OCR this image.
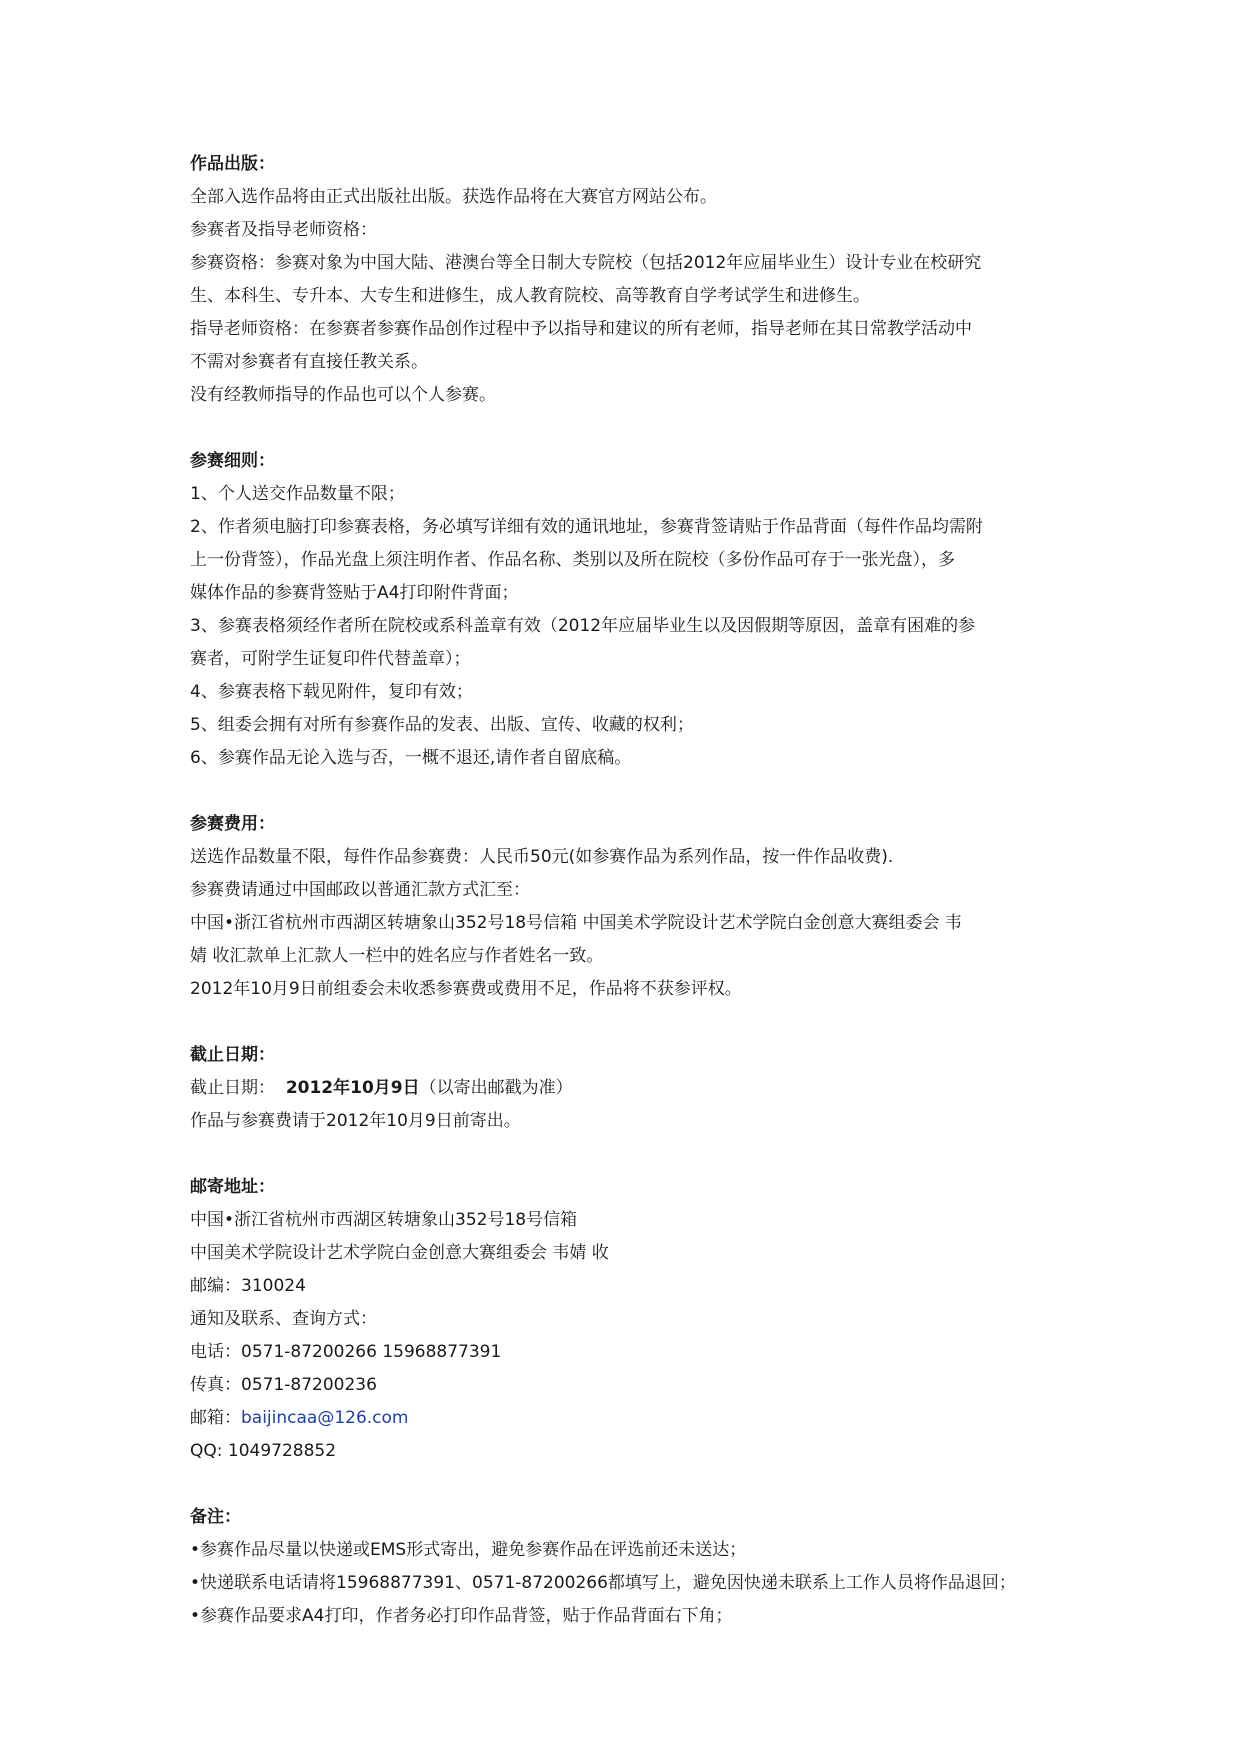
作品出版：
全部入选作品将由正式出版社出版。获选作品将在大赛官方网站公布。
参赛者及指导老师资格：
参赛资格：参赛对象为中国大陆、港澳台等全日制大专院校（包括2012年应届毕业生）设计专业在校研究
生、本科生、专升本、大专生和进修生，成人教育院校、高等教育自学考试学生和进修生。
指导老师资格：在参赛者参赛作品创作过程中予以指导和建议的所有老师，指导老师在其日常教学活动中
不需对参赛者有直接任教关系。
没有经教师指导的作品也可以个人参赛。
参赛细则：
1、个人送交作品数量不限；
2、作者须电脑打印参赛表格，务必填写详细有效的通讯地址，参赛背签请贴于作品背面（每件作品均需附
上一份背签），作品光盘上须注明作者、作品名称、类别以及所在院校（多份作品可存于一张光盘），多
媒体作品的参赛背签贴于A4打印附件背面；
3、参赛表格须经作者所在院校或系科盖章有效（2012年应届毕业生以及因假期等原因，盖章有困难的参
赛者，可附学生证复印件代替盖章）；
4、参赛表格下载见附件，复印有效；
5、组委会拥有对所有参赛作品的发表、出版、宣传、收藏的权利；
6、参赛作品无论入选与否，一概不退还,请作者自留底稿。
参赛费用：
送选作品数量不限，每件作品参赛费：人民币50元(如参赛作品为系列作品，按一件作品收费).
参赛费请通过中国邮政以普通汇款方式汇至：
中国•浙江省杭州市西湖区转塘象山352号18号信箱 中国美术学院设计艺术学院白金创意大赛组委会 韦
婧 收汇款单上汇款人一栏中的姓名应与作者姓名一致。
2012年10月9日前组委会未收悉参赛费或费用不足，作品将不获参评权。
截止日期：
截止日期：  2012年10月9日（以寄出邮戳为准）
作品与参赛费请于2012年10月9日前寄出。
邮寄地址：
中国•浙江省杭州市西湖区转塘象山352号18号信箱
中国美术学院设计艺术学院白金创意大赛组委会 韦婧 收
邮编：310024
通知及联系、查询方式：
电话：0571-87200266 15968877391
传真：0571-87200236
邮箱：baijincaa@126.com
QQ: 1049728852
备注：
•参赛作品尽量以快递或EMS形式寄出，避免参赛作品在评选前还未送达；
•快递联系电话请将15968877391、0571-87200266都填写上，避免因快递未联系上工作人员将作品退回；
•参赛作品要求A4打印，作者务必打印作品背签，贴于作品背面右下角；
